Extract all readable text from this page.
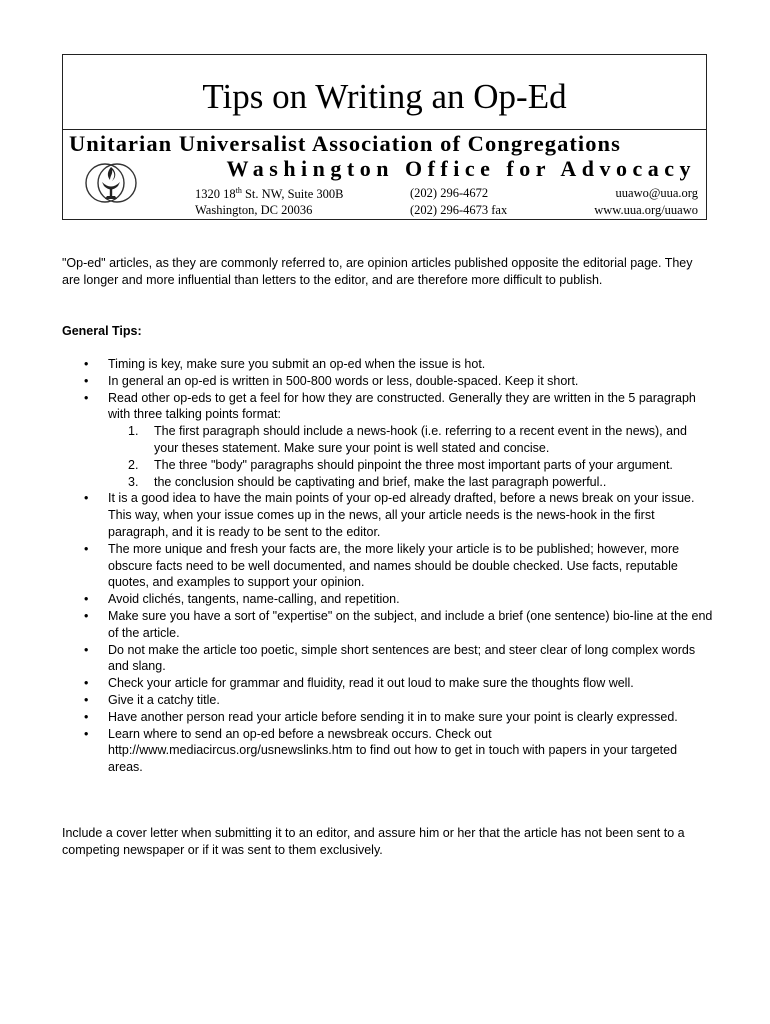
Tips on Writing an Op-Ed
Unitarian Universalist Association of Congregations
Washington Office for Advocacy
1320 18th St. NW, Suite 300B
Washington, DC 20036
(202) 296-4672
(202) 296-4673 fax
uuawo@uua.org
www.uua.org/uuawo
"Op-ed" articles, as they are commonly referred to, are opinion articles published opposite the editorial page. They are longer and more influential than letters to the editor, and are therefore more difficult to publish.
General Tips:
• Timing is key, make sure you submit an op-ed when the issue is hot.
• In general an op-ed is written in 500-800 words or less, double-spaced. Keep it short.
• Read other op-eds to get a feel for how they are constructed. Generally they are written in the 5 paragraph with three talking points format:
1. The first paragraph should include a news-hook (i.e. referring to a recent event in the news), and your theses statement. Make sure your point is well stated and concise.
2. The three "body" paragraphs should pinpoint the three most important parts of your argument.
3. the conclusion should be captivating and brief, make the last paragraph powerful..
• It is a good idea to have the main points of your op-ed already drafted, before a news break on your issue. This way, when your issue comes up in the news, all your article needs is the news-hook in the first paragraph, and it is ready to be sent to the editor.
• The more unique and fresh your facts are, the more likely your article is to be published; however, more obscure facts need to be well documented, and names should be double checked. Use facts, reputable quotes, and examples to support your opinion.
• Avoid clichés, tangents, name-calling, and repetition.
• Make sure you have a sort of "expertise" on the subject, and include a brief (one sentence) bio-line at the end of the article.
• Do not make the article too poetic, simple short sentences are best; and steer clear of long complex words and slang.
• Check your article for grammar and fluidity, read it out loud to make sure the thoughts flow well.
• Give it a catchy title.
• Have another person read your article before sending it in to make sure your point is clearly expressed.
• Learn where to send an op-ed before a newsbreak occurs. Check out http://www.mediacircus.org/usnewslinks.htm to find out how to get in touch with papers in your targeted areas.
Include a cover letter when submitting it to an editor, and assure him or her that the article has not been sent to a competing newspaper or if it was sent to them exclusively.
